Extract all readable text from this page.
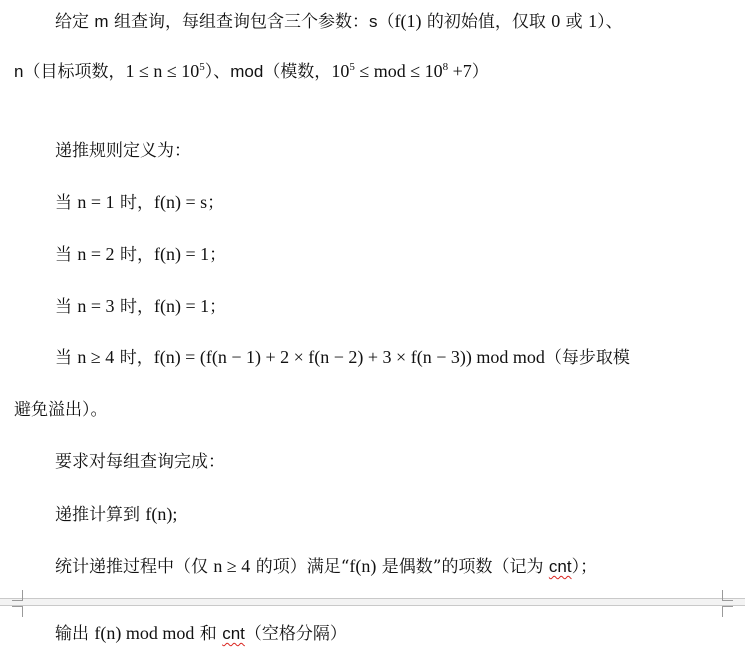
给定 m 组查询，每组查询包含三个参数：s（f(1) 的初始值，仅取 0 或 1）、
n（目标项数，$1 \le n \le 10^5$）、mod（模数，$10^5$ ≤ mod ≤ $10^8 +7$）
递推规则定义为：
当 n = 1 时，f(n) = s；
当 n = 2 时，f(n) = 1；
当 n = 3 时，f(n) = 1；
当 n ≥ 4 时，f(n) = (f(n − 1) + 2 × f(n − 2) + 3 × f(n − 3)) mod mod（每步取模
避免溢出）。
要求对每组查询完成：
递推计算到 f(n);
统计递推过程中（仅 n ≥ 4 的项）满足“f(n) 是偶数”的项数（记为 cnt）；
输出 f(n) mod mod 和 cnt（空格分隔）
